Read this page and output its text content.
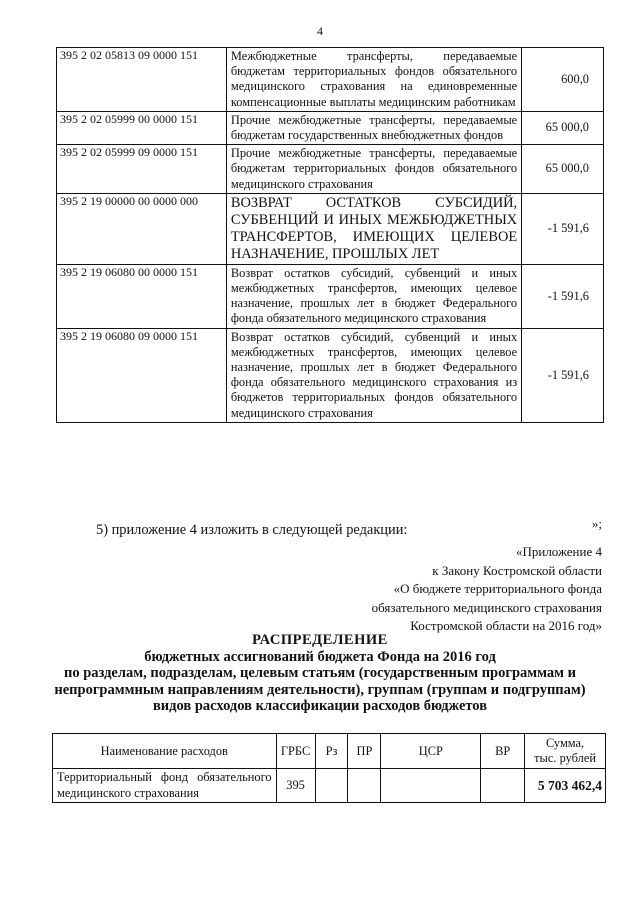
4
395 2 02 05813 09 0000 151	Межбюджетные трансферты, передаваемые бюджетам территориальных фондов обязательного медицинского страхования на единовременные компенсационные выплаты медицинским работникам	600,0
395 2 02 05999 00 0000 151	Прочие межбюджетные трансферты, передаваемые бюджетам государственных внебюджетных фондов	65 000,0
395 2 02 05999 09 0000 151	Прочие межбюджетные трансферты, передаваемые бюджетам территориальных фондов обязательного медицинского страхования	65 000,0
395 2 19 00000 00 0000 000	ВОЗВРАТ ОСТАТКОВ СУБСИДИЙ, СУБВЕНЦИЙ И ИНЫХ МЕЖБЮДЖЕТНЫХ ТРАНСФЕРТОВ, ИМЕЮЩИХ ЦЕЛЕВОЕ НАЗНАЧЕНИЕ, ПРОШЛЫХ ЛЕТ	-1 591,6
395 2 19 06080 00 0000 151	Возврат остатков субсидий, субвенций и иных межбюджетных трансфертов, имеющих целевое назначение, прошлых лет в бюджет Федерального фонда обязательного медицинского страхования	-1 591,6
395 2 19 06080 09 0000 151	Возврат остатков субсидий, субвенций и иных межбюджетных трансфертов, имеющих целевое назначение, прошлых лет в бюджет Федерального фонда обязательного медицинского страхования из бюджетов территориальных фондов обязательного медицинского страхования	-1 591,6
»;
5) приложение 4 изложить в следующей редакции:
«Приложение 4
к Закону Костромской области
«О бюджете территориального фонда
обязательного медицинского страхования
Костромской области на 2016 год»
РАСПРЕДЕЛЕНИЕ
бюджетных ассигнований бюджета Фонда на 2016 год
по разделам, подразделам, целевым статьям (государственным программам и
непрограммным направлениям деятельности), группам (группам и подгруппам)
видов расходов классификации расходов бюджетов
Наименование расходов	ГРБС	Рз	ПР	ЦСР	ВР	Сумма,
тыс. рублей

Территориальный фонд обязательного медицинского страхования	395					5 703 462,4
